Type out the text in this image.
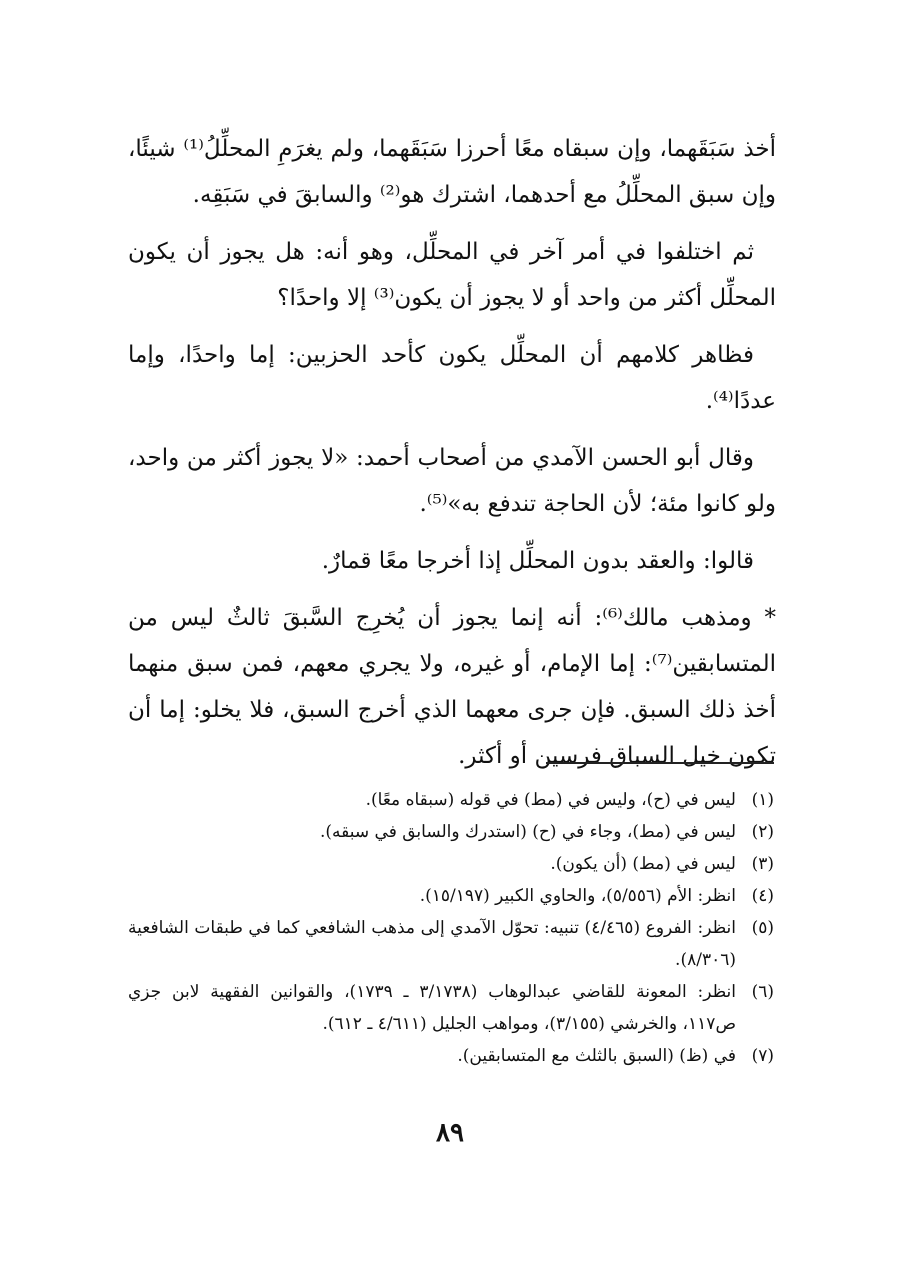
أخذ سَبَقَهما، وإن سبقاه معًا أحرزا سَبَقَهما، ولم يغرَمِ المحلِّلُ⁽¹⁾ شيئًا، وإن سبق المحلِّلُ مع أحدهما، اشترك هو⁽²⁾ والسابقَ في سَبَقِه.

ثم اختلفوا في أمر آخر في المحلِّل، وهو أنه: هل يجوز أن يكون المحلِّل أكثر من واحد أو لا يجوز أن يكون⁽³⁾ إلا واحدًا؟

فظاهر كلامهم أن المحلِّل يكون كأحد الحزبين: إما واحدًا، وإما عددًا⁽⁴⁾.

وقال أبو الحسن الآمدي من أصحاب أحمد: «لا يجوز أكثر من واحد، ولو كانوا مئة؛ لأن الحاجة تندفع به»⁽⁵⁾.

قالوا: والعقد بدون المحلِّل إذا أخرجا معًا قمارٌ.

* ومذهب مالك⁽⁶⁾: أنه إنما يجوز أن يُخرِج السَّبقَ ثالثٌ ليس من المتسابقين⁽⁷⁾: إما الإمام، أو غيره، ولا يجري معهم، فمن سبق منهما أخذ ذلك السبق. فإن جرى معهما الذي أخرج السبق، فلا يخلو: إما أن تكون خيل السباق فرسين أو أكثر.

(١)
ليس في (ح)، وليس في (مط) في قوله (سبقاه معًا).
(٢)
ليس في (مط)، وجاء في (ح) (استدرك والسابق في سبقه).
(٣)
ليس في (مط) (أن يكون).
(٤)
انظر: الأم (٥/٥٥٦)، والحاوي الكبير (١٥/١٩٧).
(٥)
انظر: الفروع (٤/٤٦٥) تنبيه: تحوّل الآمدي إلى مذهب الشافعي كما في طبقات الشافعية (٨/٣٠٦).
(٦)
انظر: المعونة للقاضي عبدالوهاب (٣/١٧٣٨ ـ ١٧٣٩)، والقوانين الفقهية لابن جزي ص١١٧، والخرشي (٣/١٥٥)، ومواهب الجليل (٤/٦١١ ـ ٦١٢).
(٧)
في (ظ) (السبق بالثلث مع المتسابقين).
٨٩
